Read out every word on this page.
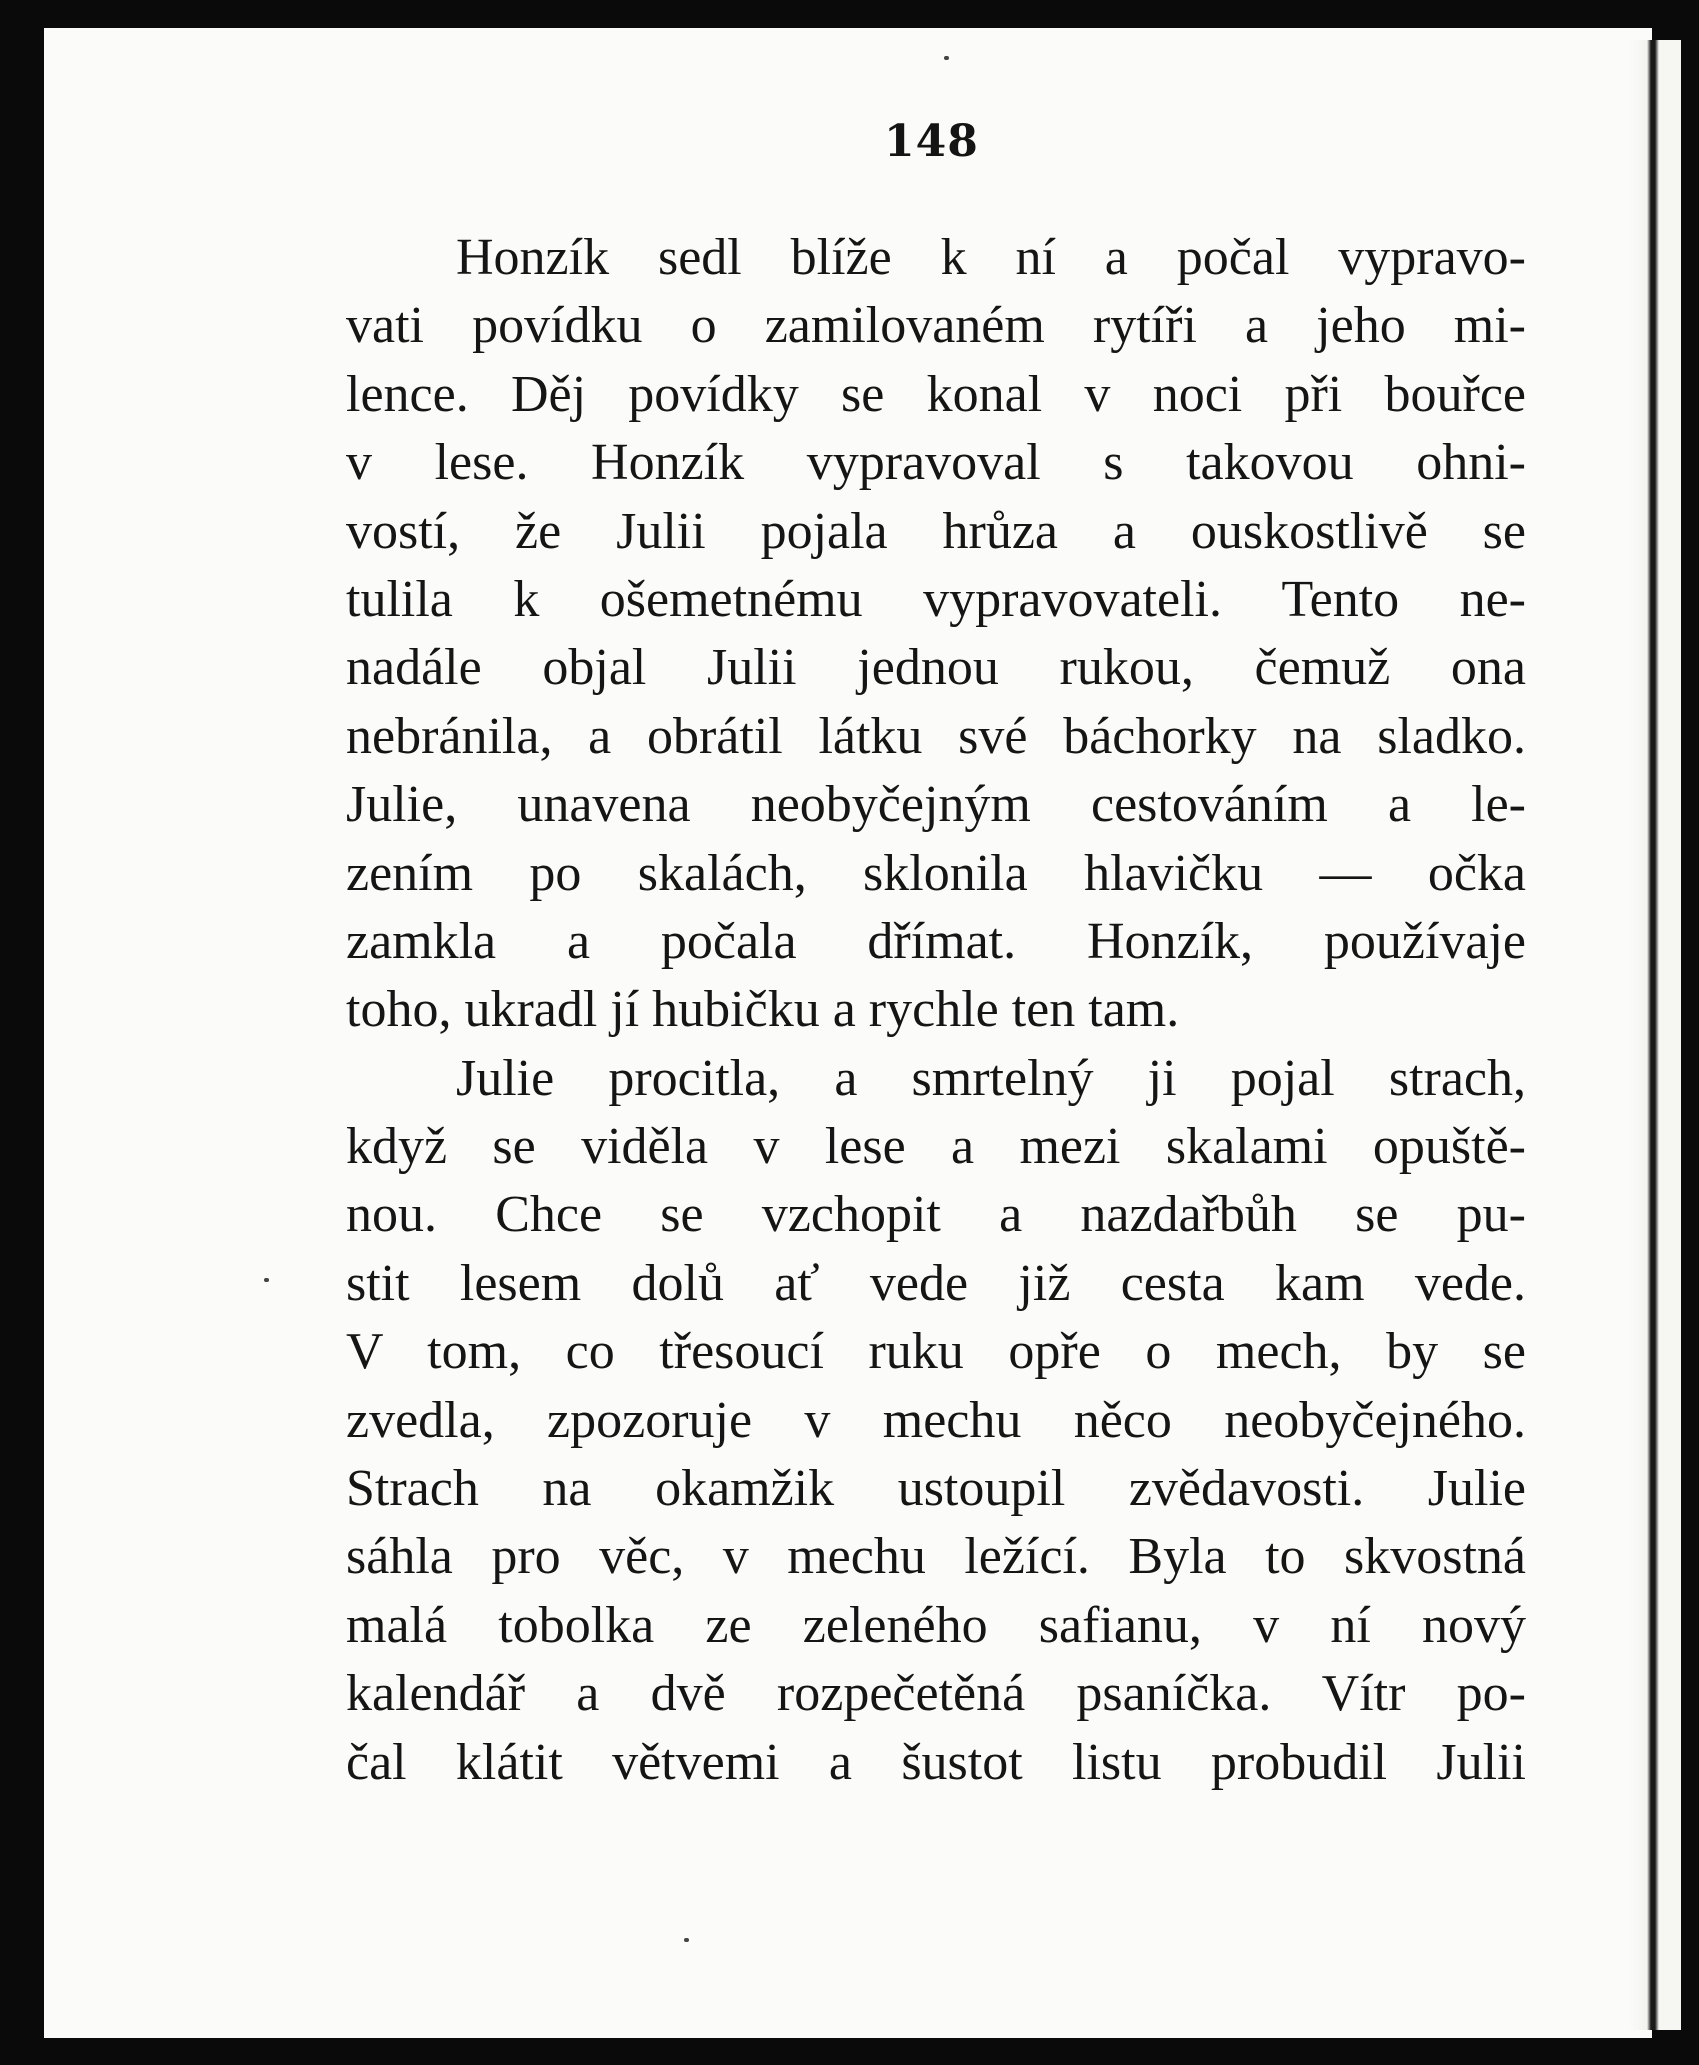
148
Honzík sedl blíže k ní a počal vypravo-
vati povídku o zamilovaném rytíři a jeho mi-
lence. Děj povídky se konal v noci při bouřce
v lese. Honzík vypravoval s takovou ohni-
vostí, že Julii pojala hrůza a ouskostlivě se
tulila k ošemetnému vypravovateli. Tento ne-
nadále objal Julii jednou rukou, čemuž ona
nebránila, a obrátil látku své báchorky na sladko.
Julie, unavena neobyčejným cestováním a le-
zením po skalách, sklonila hlavičku — očka
zamkla a počala dřímat. Honzík, používaje
toho, ukradl jí hubičku a rychle ten tam.
Julie procitla, a smrtelný ji pojal strach,
když se viděla v lese a mezi skalami opuště-
nou. Chce se vzchopit a nazdařbůh se pu-
stit lesem dolů ať vede již cesta kam vede.
V tom, co třesoucí ruku opře o mech, by se
zvedla, zpozoruje v mechu něco neobyčejného.
Strach na okamžik ustoupil zvědavosti. Julie
sáhla pro věc, v mechu ležící. Byla to skvostná
malá tobolka ze zeleného safianu, v ní nový
kalendář a dvě rozpečetěná psaníčka. Vítr po-
čal klátit větvemi a šustot listu probudil Julii
